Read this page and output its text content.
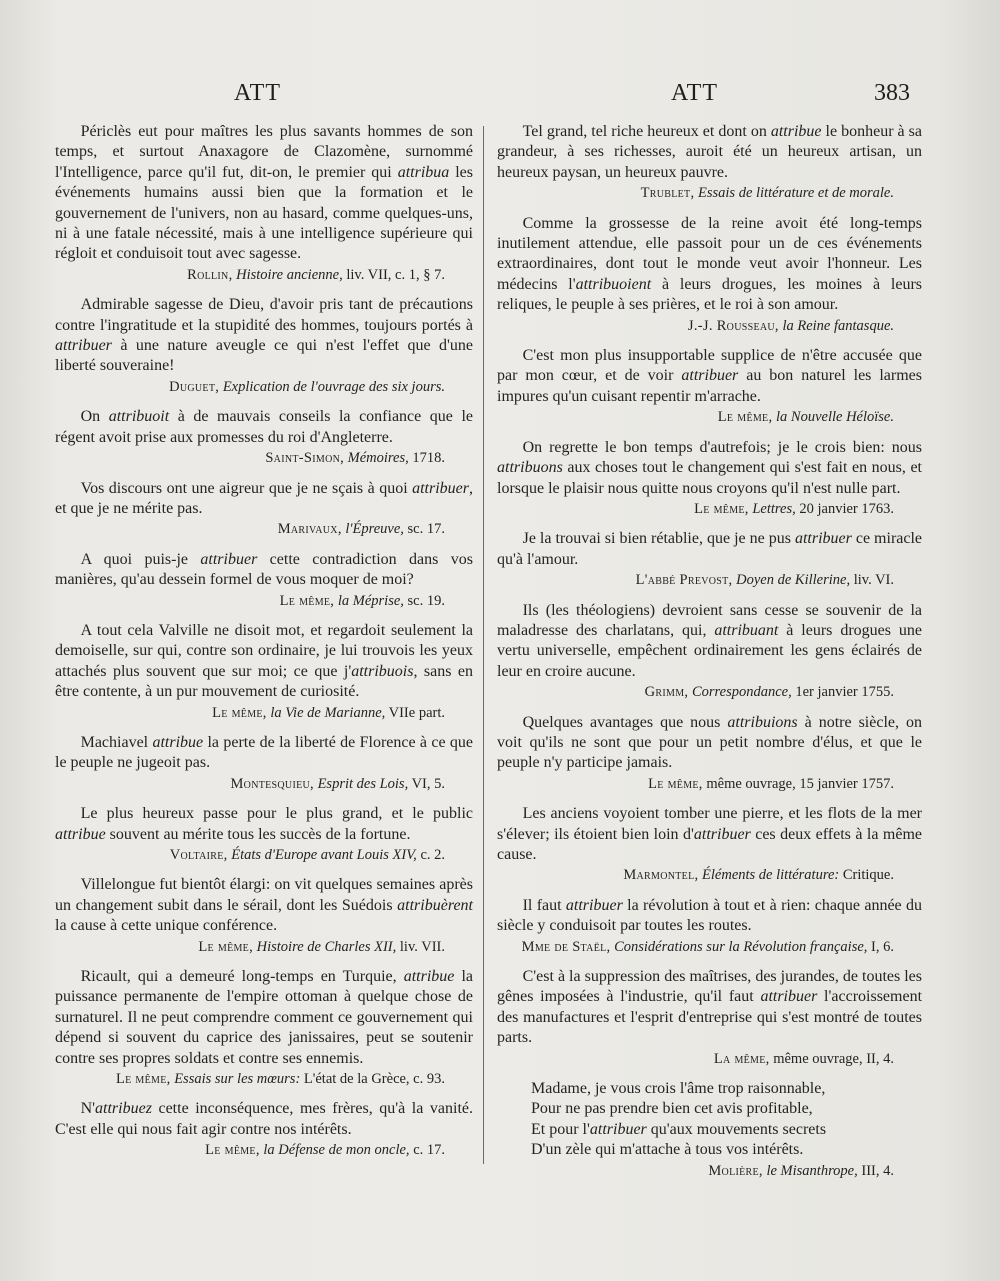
ATT	ATT	383

Périclès eut pour maîtres les plus savants hommes de son temps, et surtout Anaxagore de Clazomène, surnommé l'Intelligence, parce qu'il fut, dit-on, le premier qui attribua les événements humains aussi bien que la formation et le gouvernement de l'univers, non au hasard, comme quelques-uns, ni à une fatale nécessité, mais à une intelligence supérieure qui régloit et conduisoit tout avec sagesse.

Rollin, Histoire ancienne, liv. VII, c. 1, § 7.

Admirable sagesse de Dieu, d'avoir pris tant de précautions contre l'ingratitude et la stupidité des hommes, toujours portés à attribuer à une nature aveugle ce qui n'est l'effet que d'une liberté souveraine!

Duguet, Explication de l'ouvrage des six jours.

On attribuoit à de mauvais conseils la confiance que le régent avoit prise aux promesses du roi d'Angleterre.

Saint-Simon, Mémoires, 1718.

Vos discours ont une aigreur que je ne sçais à quoi attribuer, et que je ne mérite pas.

Marivaux, l'Épreuve, sc. 17.

A quoi puis-je attribuer cette contradiction dans vos manières, qu'au dessein formel de vous moquer de moi?

Le même, la Méprise, sc. 19.

A tout cela Valville ne disoit mot, et regardoit seulement la demoiselle, sur qui, contre son ordinaire, je lui trouvois les yeux attachés plus souvent que sur moi; ce que j'attribuois, sans en être contente, à un pur mouvement de curiosité.

Le même, la Vie de Marianne, VIIe part.

Machiavel attribue la perte de la liberté de Florence à ce que le peuple ne jugeoit pas.

Montesquieu, Esprit des Lois, VI, 5.

Le plus heureux passe pour le plus grand, et le public attribue souvent au mérite tous les succès de la fortune.

Voltaire, États d'Europe avant Louis XIV, c. 2.

Villelongue fut bientôt élargi: on vit quelques semaines après un changement subit dans le sérail, dont les Suédois attribuèrent la cause à cette unique conférence.

Le même, Histoire de Charles XII, liv. VII.

Ricault, qui a demeuré long-temps en Turquie, attribue la puissance permanente de l'empire ottoman à quelque chose de surnaturel. Il ne peut comprendre comment ce gouvernement qui dépend si souvent du caprice des janissaires, peut se soutenir contre ses propres soldats et contre ses ennemis.

Le même, Essais sur les mœurs: L'état de la Grèce, c. 93.

N'attribuez cette inconséquence, mes frères, qu'à la vanité. C'est elle qui nous fait agir contre nos intérêts.

Le même, la Défense de mon oncle, c. 17.

Tel grand, tel riche heureux et dont on attribue le bonheur à sa grandeur, à ses richesses, auroit été un heureux artisan, un heureux paysan, un heureux pauvre.

Trublet, Essais de littérature et de morale.

Comme la grossesse de la reine avoit été long-temps inutilement attendue, elle passoit pour un de ces événements extraordinaires, dont tout le monde veut avoir l'honneur. Les médecins l'attribuoient à leurs drogues, les moines à leurs reliques, le peuple à ses prières, et le roi à son amour.

J.-J. Rousseau, la Reine fantasque.

C'est mon plus insupportable supplice de n'être accusée que par mon cœur, et de voir attribuer au bon naturel les larmes impures qu'un cuisant repentir m'arrache.

Le même, la Nouvelle Héloïse.

On regrette le bon temps d'autrefois; je le crois bien: nous attribuons aux choses tout le changement qui s'est fait en nous, et lorsque le plaisir nous quitte nous croyons qu'il n'est nulle part.

Le même, Lettres, 20 janvier 1763.

Je la trouvai si bien rétablie, que je ne pus attribuer ce miracle qu'à l'amour.

L'abbé Prevost, Doyen de Killerine, liv. VI.

Ils (les théologiens) devroient sans cesse se souvenir de la maladresse des charlatans, qui, attribuant à leurs drogues une vertu universelle, empêchent ordinairement les gens éclairés de leur en croire aucune.

Grimm, Correspondance, 1er janvier 1755.

Quelques avantages que nous attribuions à notre siècle, on voit qu'ils ne sont que pour un petit nombre d'élus, et que le peuple n'y participe jamais.

Le même, même ouvrage, 15 janvier 1757.

Les anciens voyoient tomber une pierre, et les flots de la mer s'élever; ils étoient bien loin d'attribuer ces deux effets à la même cause.

Marmontel, Éléments de littérature: Critique.

Il faut attribuer la révolution à tout et à rien: chaque année du siècle y conduisoit par toutes les routes.

Mme de Staël, Considérations sur la Révolution française, I, 6.

C'est à la suppression des maîtrises, des jurandes, de toutes les gênes imposées à l'industrie, qu'il faut attribuer l'accroissement des manufactures et l'esprit d'entreprise qui s'est montré de toutes parts.

La même, même ouvrage, II, 4.

Madame, je vous crois l'âme trop raisonnable,
Pour ne pas prendre bien cet avis profitable,
Et pour l'attribuer qu'aux mouvements secrets
D'un zèle qui m'attache à tous vos intérêts.

Molière, le Misanthrope, III, 4.
